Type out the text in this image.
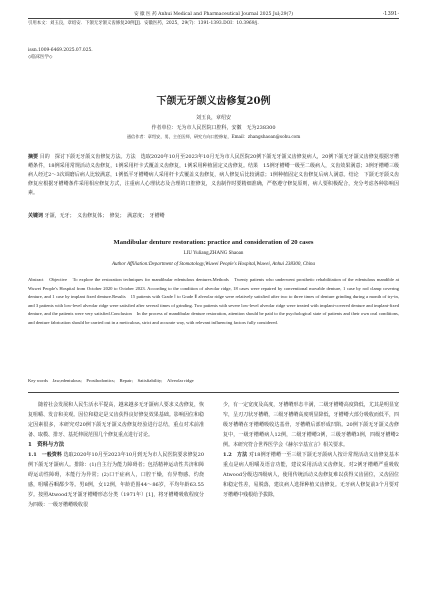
安 徽 医 药 Anhui Medical and Pharmaceutical Journal 2025 Jul;29(7)	·1391·
引用本文：刘玉良，章绍安．下颌无牙颌义齿修复20例[J]．安徽医药，2025，29(7)：1391-1393.DOI：10.3969/j.
issn.1009-6469.2025.07.025.
◇临床医学◇
下颌无牙颌义齿修复20例
刘玉良，章绍安
作者单位：无为市人民医院口腔科，安徽　无为238300
通信作者：章绍安，男，主任医师，研究方向口腔修复，Email：zhangshaoan@sohu.com
摘要 目的　探讨下颌无牙颌义齿修复方法。方法　选取2020年10月至2023年10月无为市人民医院20例下颌无牙颌义齿修复病人，20例下颌无牙颌义齿修复根据牙槽嵴条件，18例采用常规活动义齿修复，1例采用杆卡式覆盖义齿修复，1例采用种植固定义齿修复。结果　15例牙槽嵴一级至二级病人，义齿效果满意；3例牙槽嵴三级病人经过2～3次调磨后病人比较满意，1例低平牙槽嵴病人采用杆卡式覆盖义齿修复，病人修复后比较满意；1例种植固定义齿修复后病人满意。结论　下颌无牙颌义齿修复应根据牙槽嵴条件采用相应修复方式，注重病人心理状态及合理的口腔修复，义齿制作时要精细准确，严格遵守修复原则，病人要积极配合，充分考虑各种影响因素。
关键词 牙颌，无牙；　义齿修复体；　修复；　满意度；　牙槽嵴
Mandibular denture restoration: practice and consideration of 20 cases
LIU Yuliang,ZHANG Shaoan
Author Affiliation:Department of Stomatology,Wuwei People's Hospital,Wuwei, Anhui 238300, China
Abstract　Objective　To explore the restoration techniques for mandibular edentulous dentures.Methods　Twenty patients who underwent prosthetic rehabilitation of the edentulous mandible at Wuwei People's Hospital from October 2020 to October 2023. According to the condition of alveolar ridge, 18 cases were repaired by conventional movable denture, 1 case by rod clamp covering denture, and 1 case by implant fixed denture.Results　15 patients with Grade Ⅰ to Grade Ⅱ alveolar ridge were relatively satisfied after two to three times of denture grinding during a month of try-in, and 3 patients with low-level alveolar ridge were satisfied after several times of grinding. Two patients with severe low-level alveolar ridge were treated with implant-covered denture and implant-fixed denture, and the patients were very satisfied.Conclusion　In the process of mandibular denture restoration, attention should be paid to the psychological state of patients and their own oral conditions, and denture fabrication should be carried out in a meticulous, strict and accurate way, with relevant influencing factors fully considered.
Key words　Jaw,edentulous;　Prosthodontics;　Repair;　Satisfiability;　Alveolar ridge

随着社会发展和人民生活水平提高，越来越多无牙颌病人要求义齿修复，恢复咀嚼、发音和美观。因位和稳定是义齿获得良好修复效果基础。影响因位和稳定因素很多，本研究对20例下颌无牙颌义齿修复经验进行总结，重点对术前准备、取模、排牙、基托伸展范围几个修复重点进行讨论。

1　资料与方法

1.1　一般资料 选取2020年10月至2023年10月到无为市人民医院要求修复20例下颌无牙颌病人。排除：(1)自主行为能力障碍者；包括精神运动性共济和障碍运动性障碍，本能行为异常；(2)口干症病人，口腔干燥，有异物感、灼烧感，咀嚼吞咽都少等。男8例，女12例，年龄范围44～86岁，平均年龄63.55岁。按照Atwood无牙颌牙槽嵴形态分类（1971年）[1]，将牙槽嵴吸收程度分为四级：一级牙槽嵴吸收很

少，有一定宽度及高度，牙槽嵴形态丰满，二级牙槽嵴高度降低，尤其是明显宽窄，呈刃刀状牙槽嵴，三级牙槽嵴高度明显降低，牙槽嵴大部分吸收而低平，四级牙槽嵴在牙槽嵴吸收达基骨，牙槽嵴后部形成凹陷。20例下颌无牙颌义齿修复中，一级牙槽嵴病人12例，二级牙槽嵴3例，三级牙槽嵴3例，四级牙槽嵴2例。本研究符合世界医学会《赫尔辛基宣言》相关要求。

1.2　方法 对18例牙槽嵴一至三级下颌无牙颌病人按计常规活动义齿修复基本重点是病人咀嚼及语音功能，建议采用活动义齿修复。对2例牙槽嵴严重吸收Atwood分级达四级病人，使用传统活动义齿修复难以获得义齿固位，义齿固位和稳定性差，易脱落，建议病人选择种植义齿修复。无牙病人修复前3个月要对牙槽嵴中残根给予拔除，
